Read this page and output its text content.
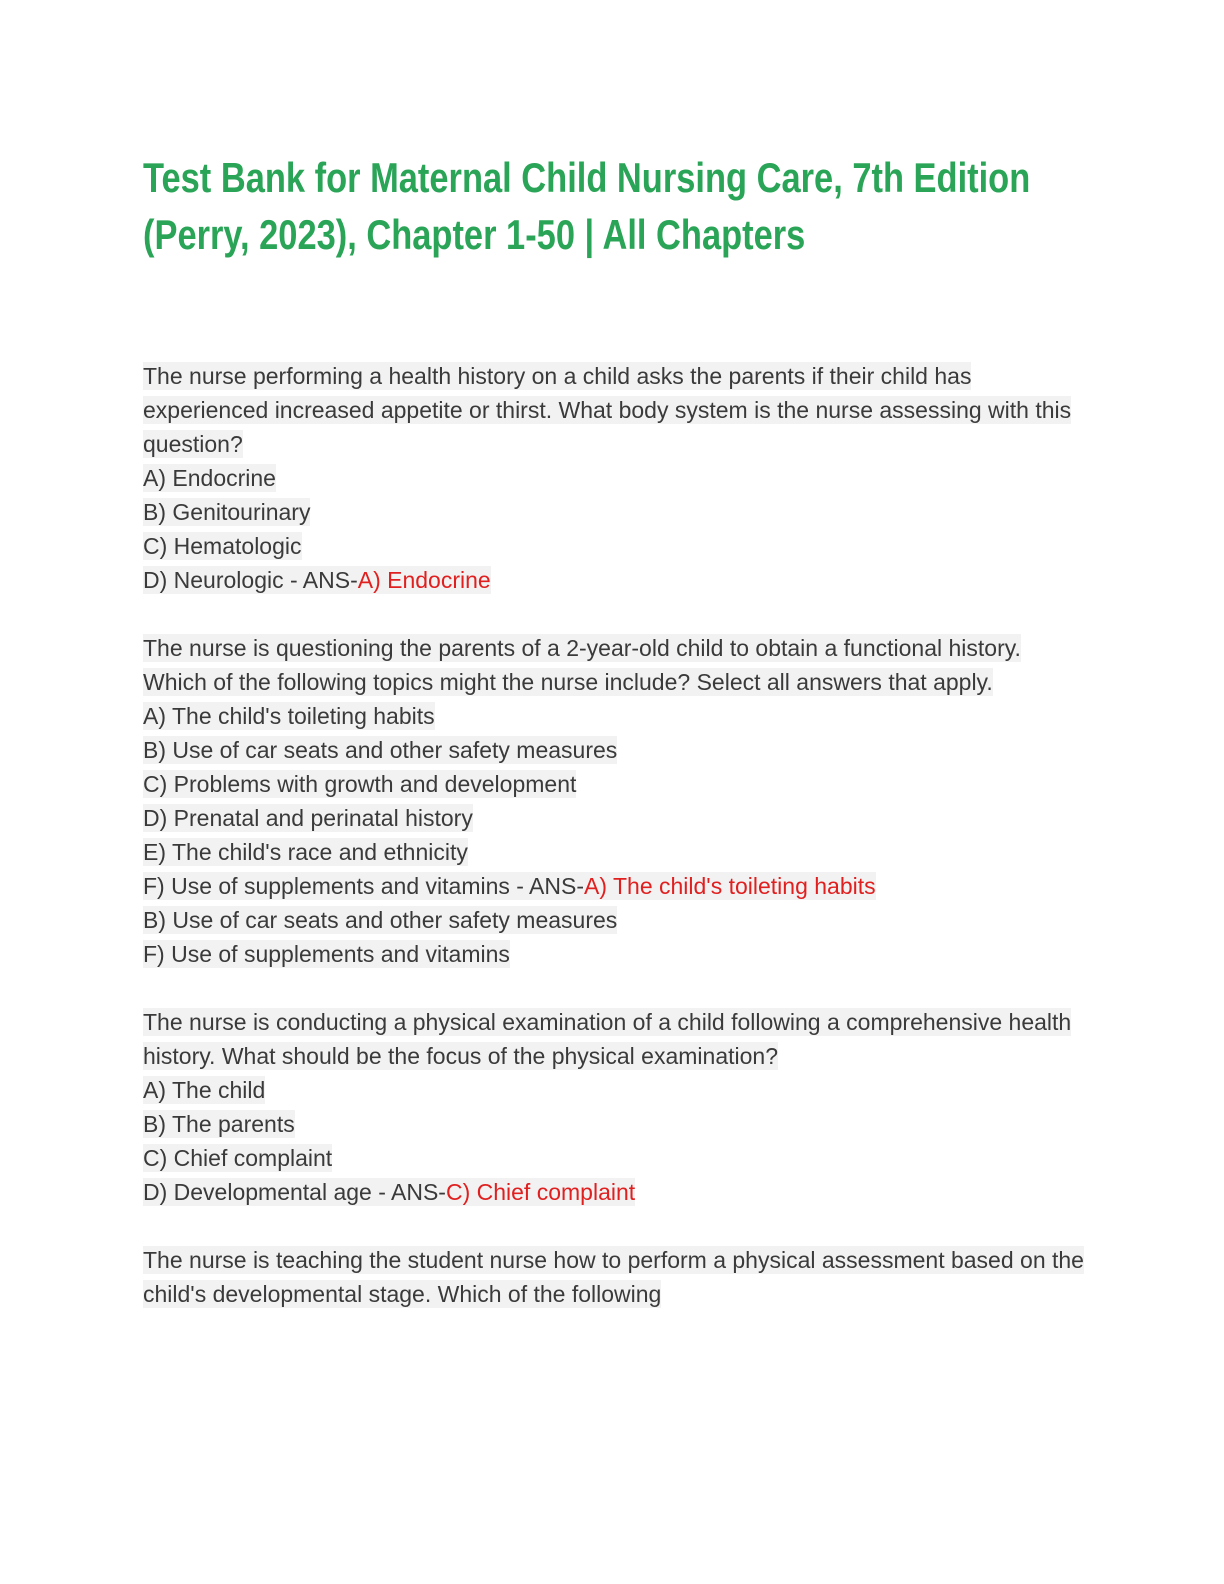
Test Bank for Maternal Child Nursing Care, 7th Edition
(Perry, 2023), Chapter 1-50 | All Chapters

The nurse performing a health history on a child asks the parents if their child has experienced increased appetite or thirst. What body system is the nurse assessing with this question?

A) Endocrine

B) Genitourinary

C) Hematologic

D) Neurologic - ANS-A) Endocrine

The nurse is questioning the parents of a 2-year-old child to obtain a functional history. Which of the following topics might the nurse include? Select all answers that apply.

A) The child's toileting habits

B) Use of car seats and other safety measures

C) Problems with growth and development

D) Prenatal and perinatal history

E) The child's race and ethnicity

F) Use of supplements and vitamins - ANS-A) The child's toileting habits

B) Use of car seats and other safety measures

F) Use of supplements and vitamins

The nurse is conducting a physical examination of a child following a comprehensive health history. What should be the focus of the physical examination?

A) The child

B) The parents

C) Chief complaint

D) Developmental age - ANS-C) Chief complaint

The nurse is teaching the student nurse how to perform a physical assessment based on the child's developmental stage. Which of the following
